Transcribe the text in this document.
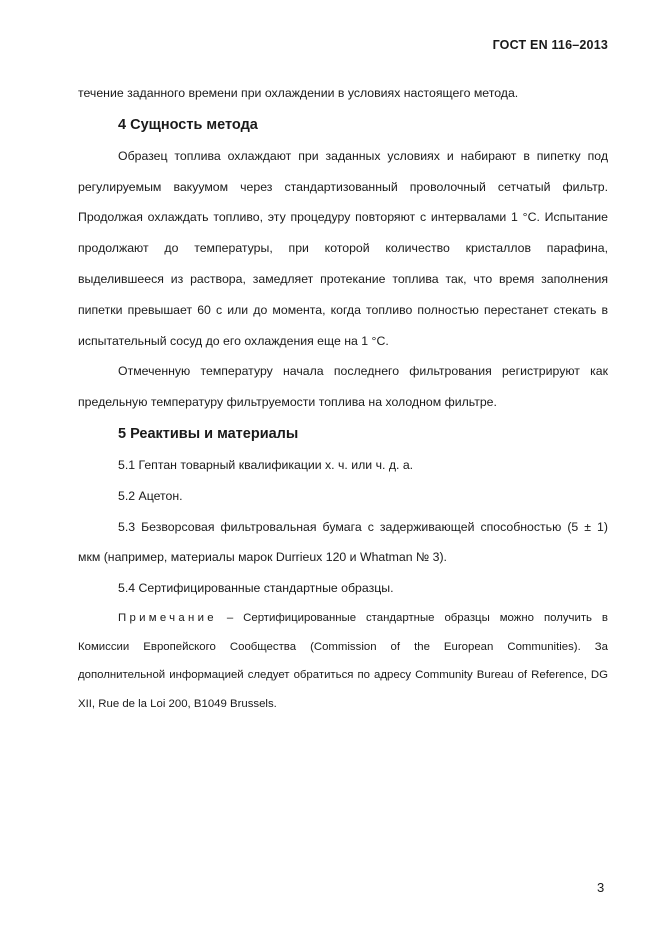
ГОСТ EN 116–2013

течение заданного времени при охлаждении в условиях настоящего метода.

4 Сущность метода

Образец топлива охлаждают при заданных условиях и набирают в пипетку под регулируемым вакуумом через стандартизованный проволочный сетчатый фильтр. Продолжая охлаждать топливо, эту процедуру повторяют с интервалами 1 °С. Испытание продолжают до температуры, при которой количество кристаллов парафина, выделившееся из раствора, замедляет протекание топлива так, что время заполнения пипетки превышает 60 с или до момента, когда топливо полностью перестанет стекать в испытательный сосуд до его охлаждения еще на 1 °С.

Отмеченную температуру начала последнего фильтрования регистрируют как предельную температуру фильтруемости топлива на холодном фильтре.

5 Реактивы и материалы

5.1 Гептан товарный квалификации х. ч. или ч. д. а.

5.2 Ацетон.

5.3 Безворсовая фильтровальная бумага с задерживающей способностью (5 ± 1) мкм (например, материалы марок Durrieux 120 и Whatman № 3).

5.4 Сертифицированные стандартные образцы.

Примечание – Сертифицированные стандартные образцы можно получить в Комиссии Европейского Сообщества (Commission of the European Communities). За дополнительной информацией следует обратиться по адресу Community Bureau of Reference, DG XII, Rue de la Loi 200, B1049 Brussels.

3
